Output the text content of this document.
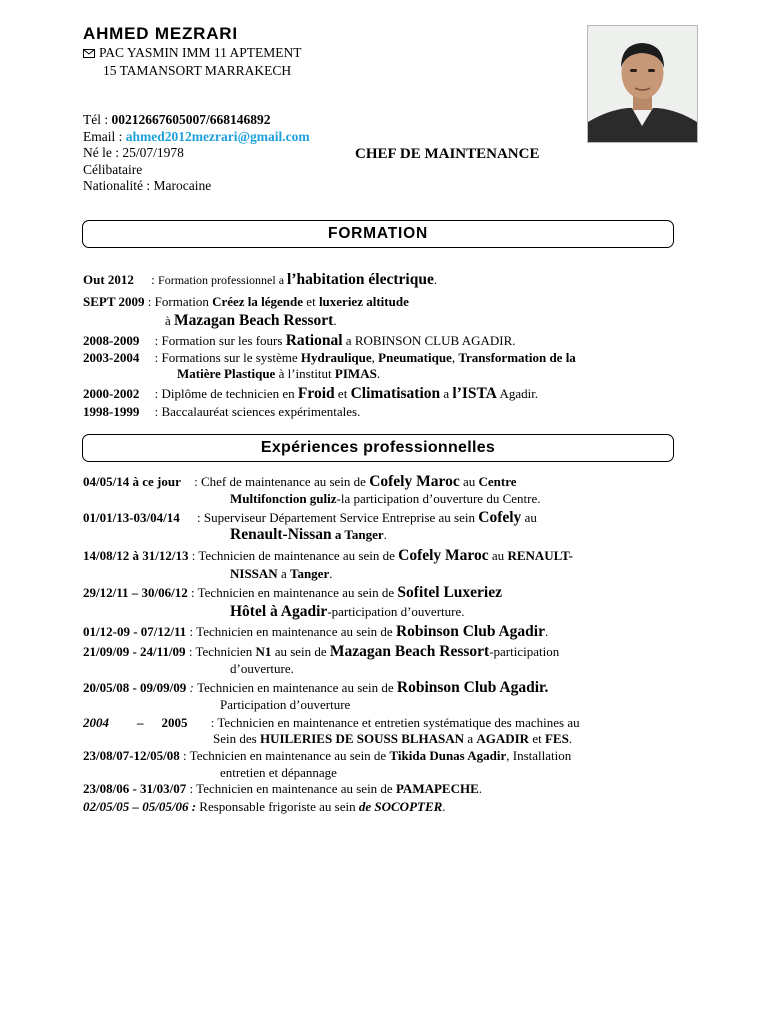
AHMED MEZRARI
PAC YASMIN IMM 11 APTEMENT
15 TAMANSORT MARRAKECH
Tél : 00212667605007/668146892
Email : ahmed2012mezrari@gmail.com
Né le : 25/07/1978
Célibataire
Nationalité : Marocaine
CHEF DE MAINTENANCE
FORMATION
Expériences professionnelles
Out 2012 : Formation professionnel a l’habitation électrique.
SEPT 2009 : Formation Créez la légende et luxeriez altitude
à Mazagan Beach Ressort.
2008-2009 : Formation sur les fours Rational a ROBINSON CLUB AGADIR.
2003-2004 : Formations sur le système Hydraulique, Pneumatique, Transformation de la
Matière Plastique à l’institut PIMAS.
2000-2002 : Diplôme de technicien en Froid et Climatisation a l’ISTA Agadir.
1998-1999 : Baccalauréat sciences expérimentales.
04/05/14 à ce jour : Chef de maintenance au sein de Cofely Maroc au Centre
Multifonction guliz-la participation d’ouverture du Centre.
01/01/13-03/04/14 : Superviseur Département Service Entreprise au sein Cofely au
Renault-Nissan a Tanger.
14/08/12 à 31/12/13 : Technicien de maintenance au sein de Cofely Maroc au RENAULT-
NISSAN a Tanger.
29/12/11 – 30/06/12 : Technicien en maintenance au sein de Sofitel Luxeriez
Hôtel à Agadir-participation d’ouverture.
01/12-09 - 07/12/11 : Technicien en maintenance au sein de Robinson Club Agadir.
21/09/09 - 24/11/09 : Technicien N1 au sein de Mazagan Beach Ressort-participation
d’ouverture.
20/05/08 - 09/09/09 : Technicien en maintenance au sein de Robinson Club Agadir.
Participation d’ouverture
2004 – 2005 : Technicien en maintenance et entretien systématique des machines au
Sein des HUILERIES DE SOUSS BLHASAN a AGADIR et FES.
23/08/07-12/05/08 : Technicien en maintenance au sein de Tikida Dunas Agadir, Installation
entretien et dépannage
23/08/06 - 31/03/07 : Technicien en maintenance au sein de PAMAPECHE.
02/05/05 – 05/05/06 : Responsable frigoriste au sein de SOCOPTER.
